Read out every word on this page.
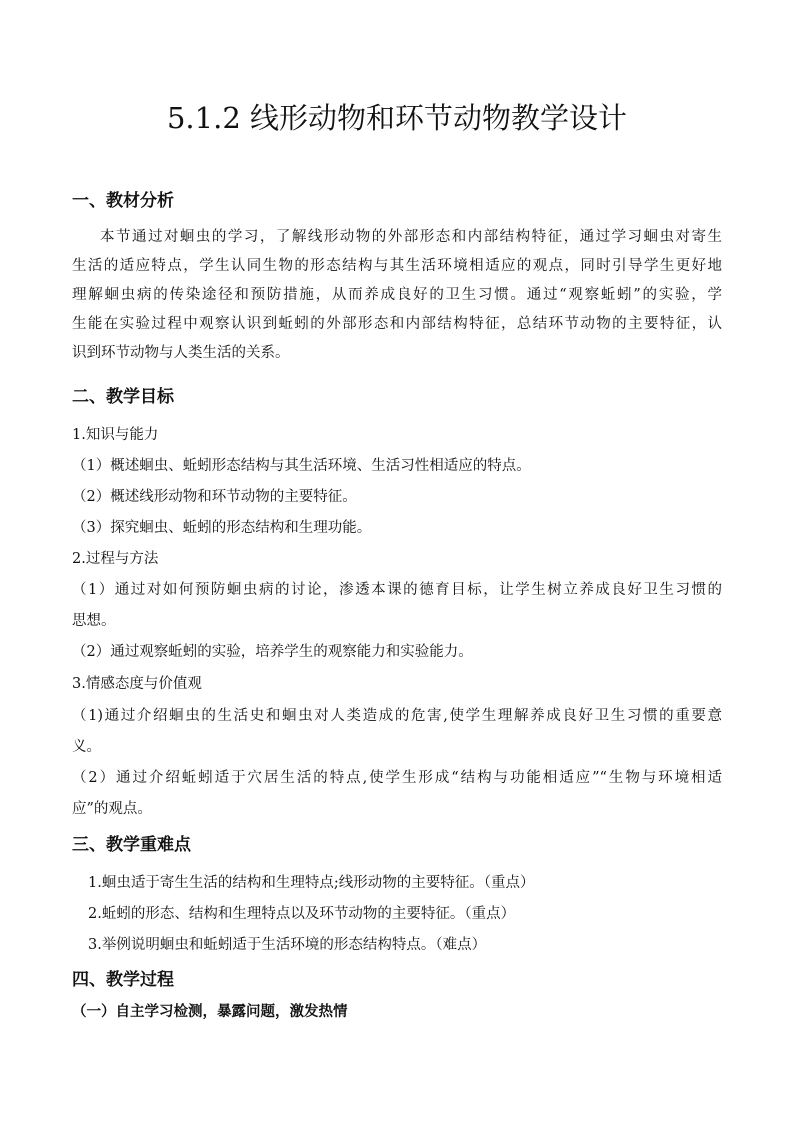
5.1.2 线形动物和环节动物教学设计
一、教材分析
本节通过对蛔虫的学习，了解线形动物的外部形态和内部结构特征，通过学习蛔虫对寄生
生活的适应特点，学生认同生物的形态结构与其生活环境相适应的观点，同时引导学生更好地
理解蛔虫病的传染途径和预防措施，从而养成良好的卫生习惯。通过“观察蚯蚓”的实验，学
生能在实验过程中观察认识到蚯蚓的外部形态和内部结构特征，总结环节动物的主要特征，认
识到环节动物与人类生活的关系。
二、教学目标
1.知识与能力
（1）概述蛔虫、蚯蚓形态结构与其生活环境、生活习性相适应的特点。
（2）概述线形动物和环节动物的主要特征。
（3）探究蛔虫、蚯蚓的形态结构和生理功能。
2.过程与方法
（1）通过对如何预防蛔虫病的讨论，渗透本课的德育目标，让学生树立养成良好卫生习惯的
思想。
（2）通过观察蚯蚓的实验，培养学生的观察能力和实验能力。
3.情感态度与价值观
（1)通过介绍蛔虫的生活史和蛔虫对人类造成的危害,使学生理解养成良好卫生习惯的重要意
义。
（2）通过介绍蚯蚓适于穴居生活的特点,使学生形成“结构与功能相适应”“生物与环境相适
应”的观点。
三、教学重难点
1.蛔虫适于寄生生活的结构和生理特点;线形动物的主要特征。（重点）
2.蚯蚓的形态、结构和生理特点以及环节动物的主要特征。（重点）
3.举例说明蛔虫和蚯蚓适于生活环境的形态结构特点。（难点）
四、教学过程
（一）自主学习检测，暴露问题，激发热情
